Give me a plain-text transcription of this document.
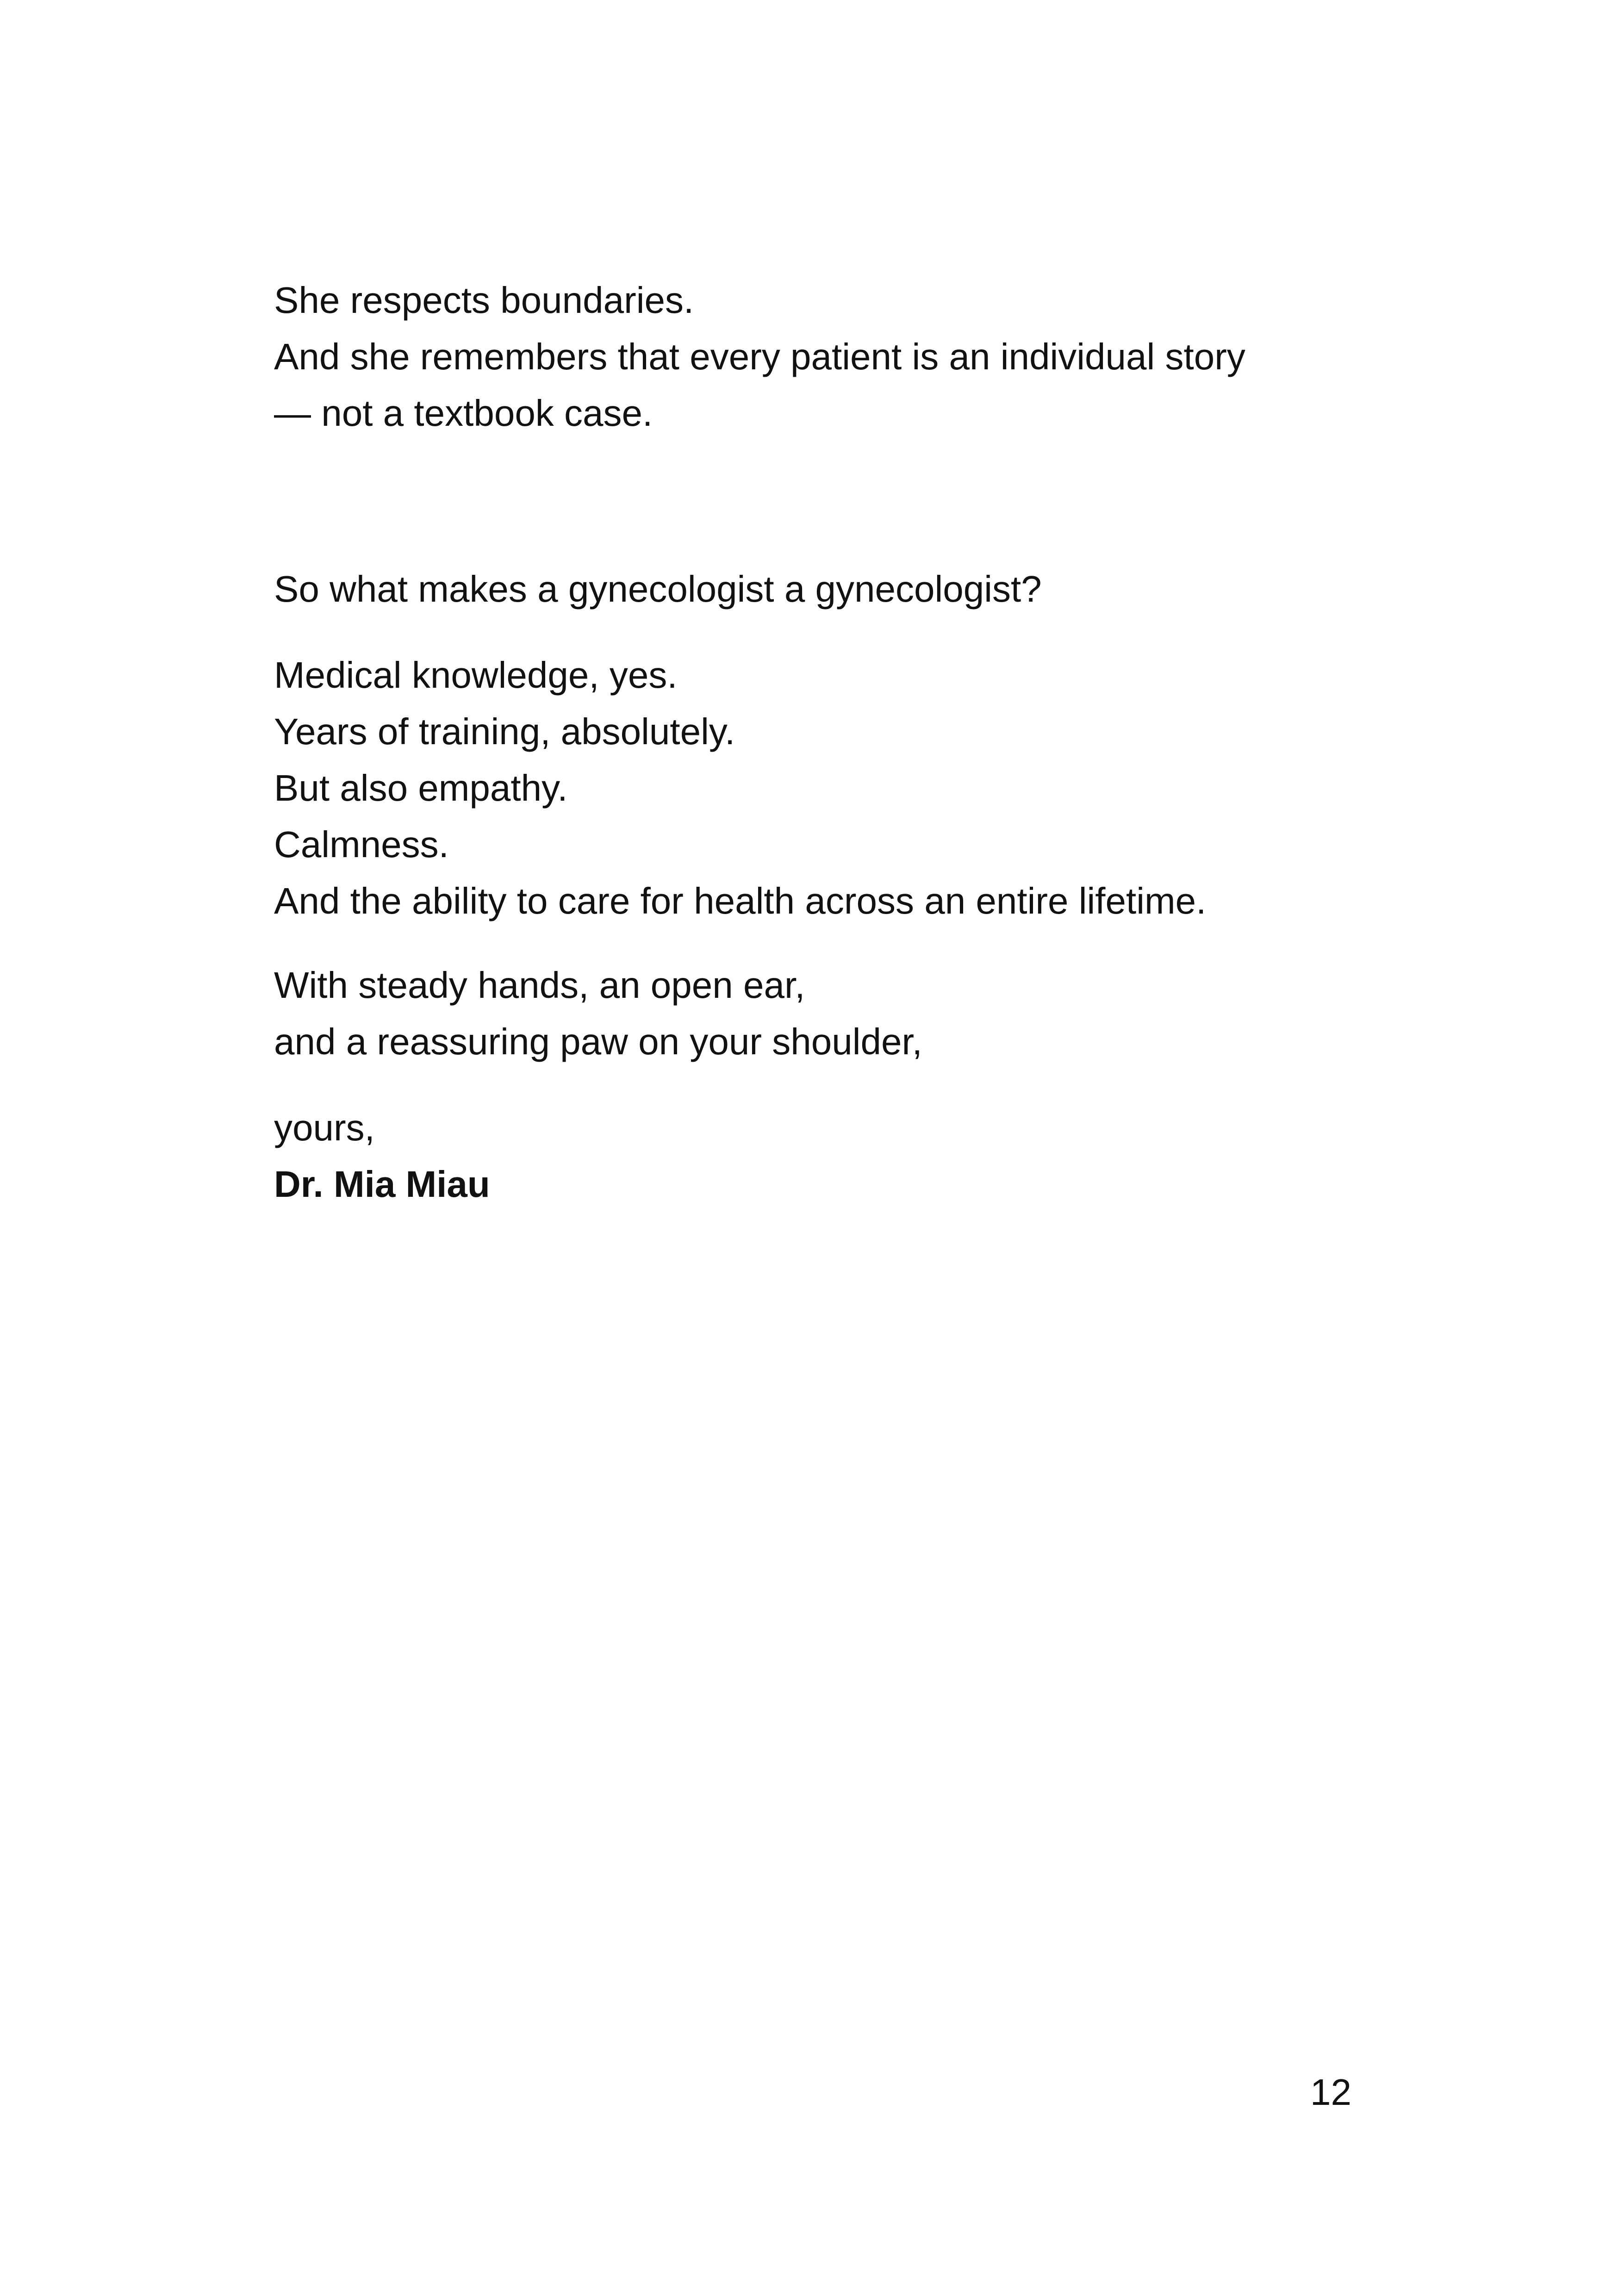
She respects boundaries.
And she remembers that every patient is an individual story
— not a textbook case.
So what makes a gynecologist a gynecologist?
Medical knowledge, yes.
Years of training, absolutely.
But also empathy.
Calmness.
And the ability to care for health across an entire lifetime.
With steady hands, an open ear,
and a reassuring paw on your shoulder,
yours,
Dr. Mia Miau
12
